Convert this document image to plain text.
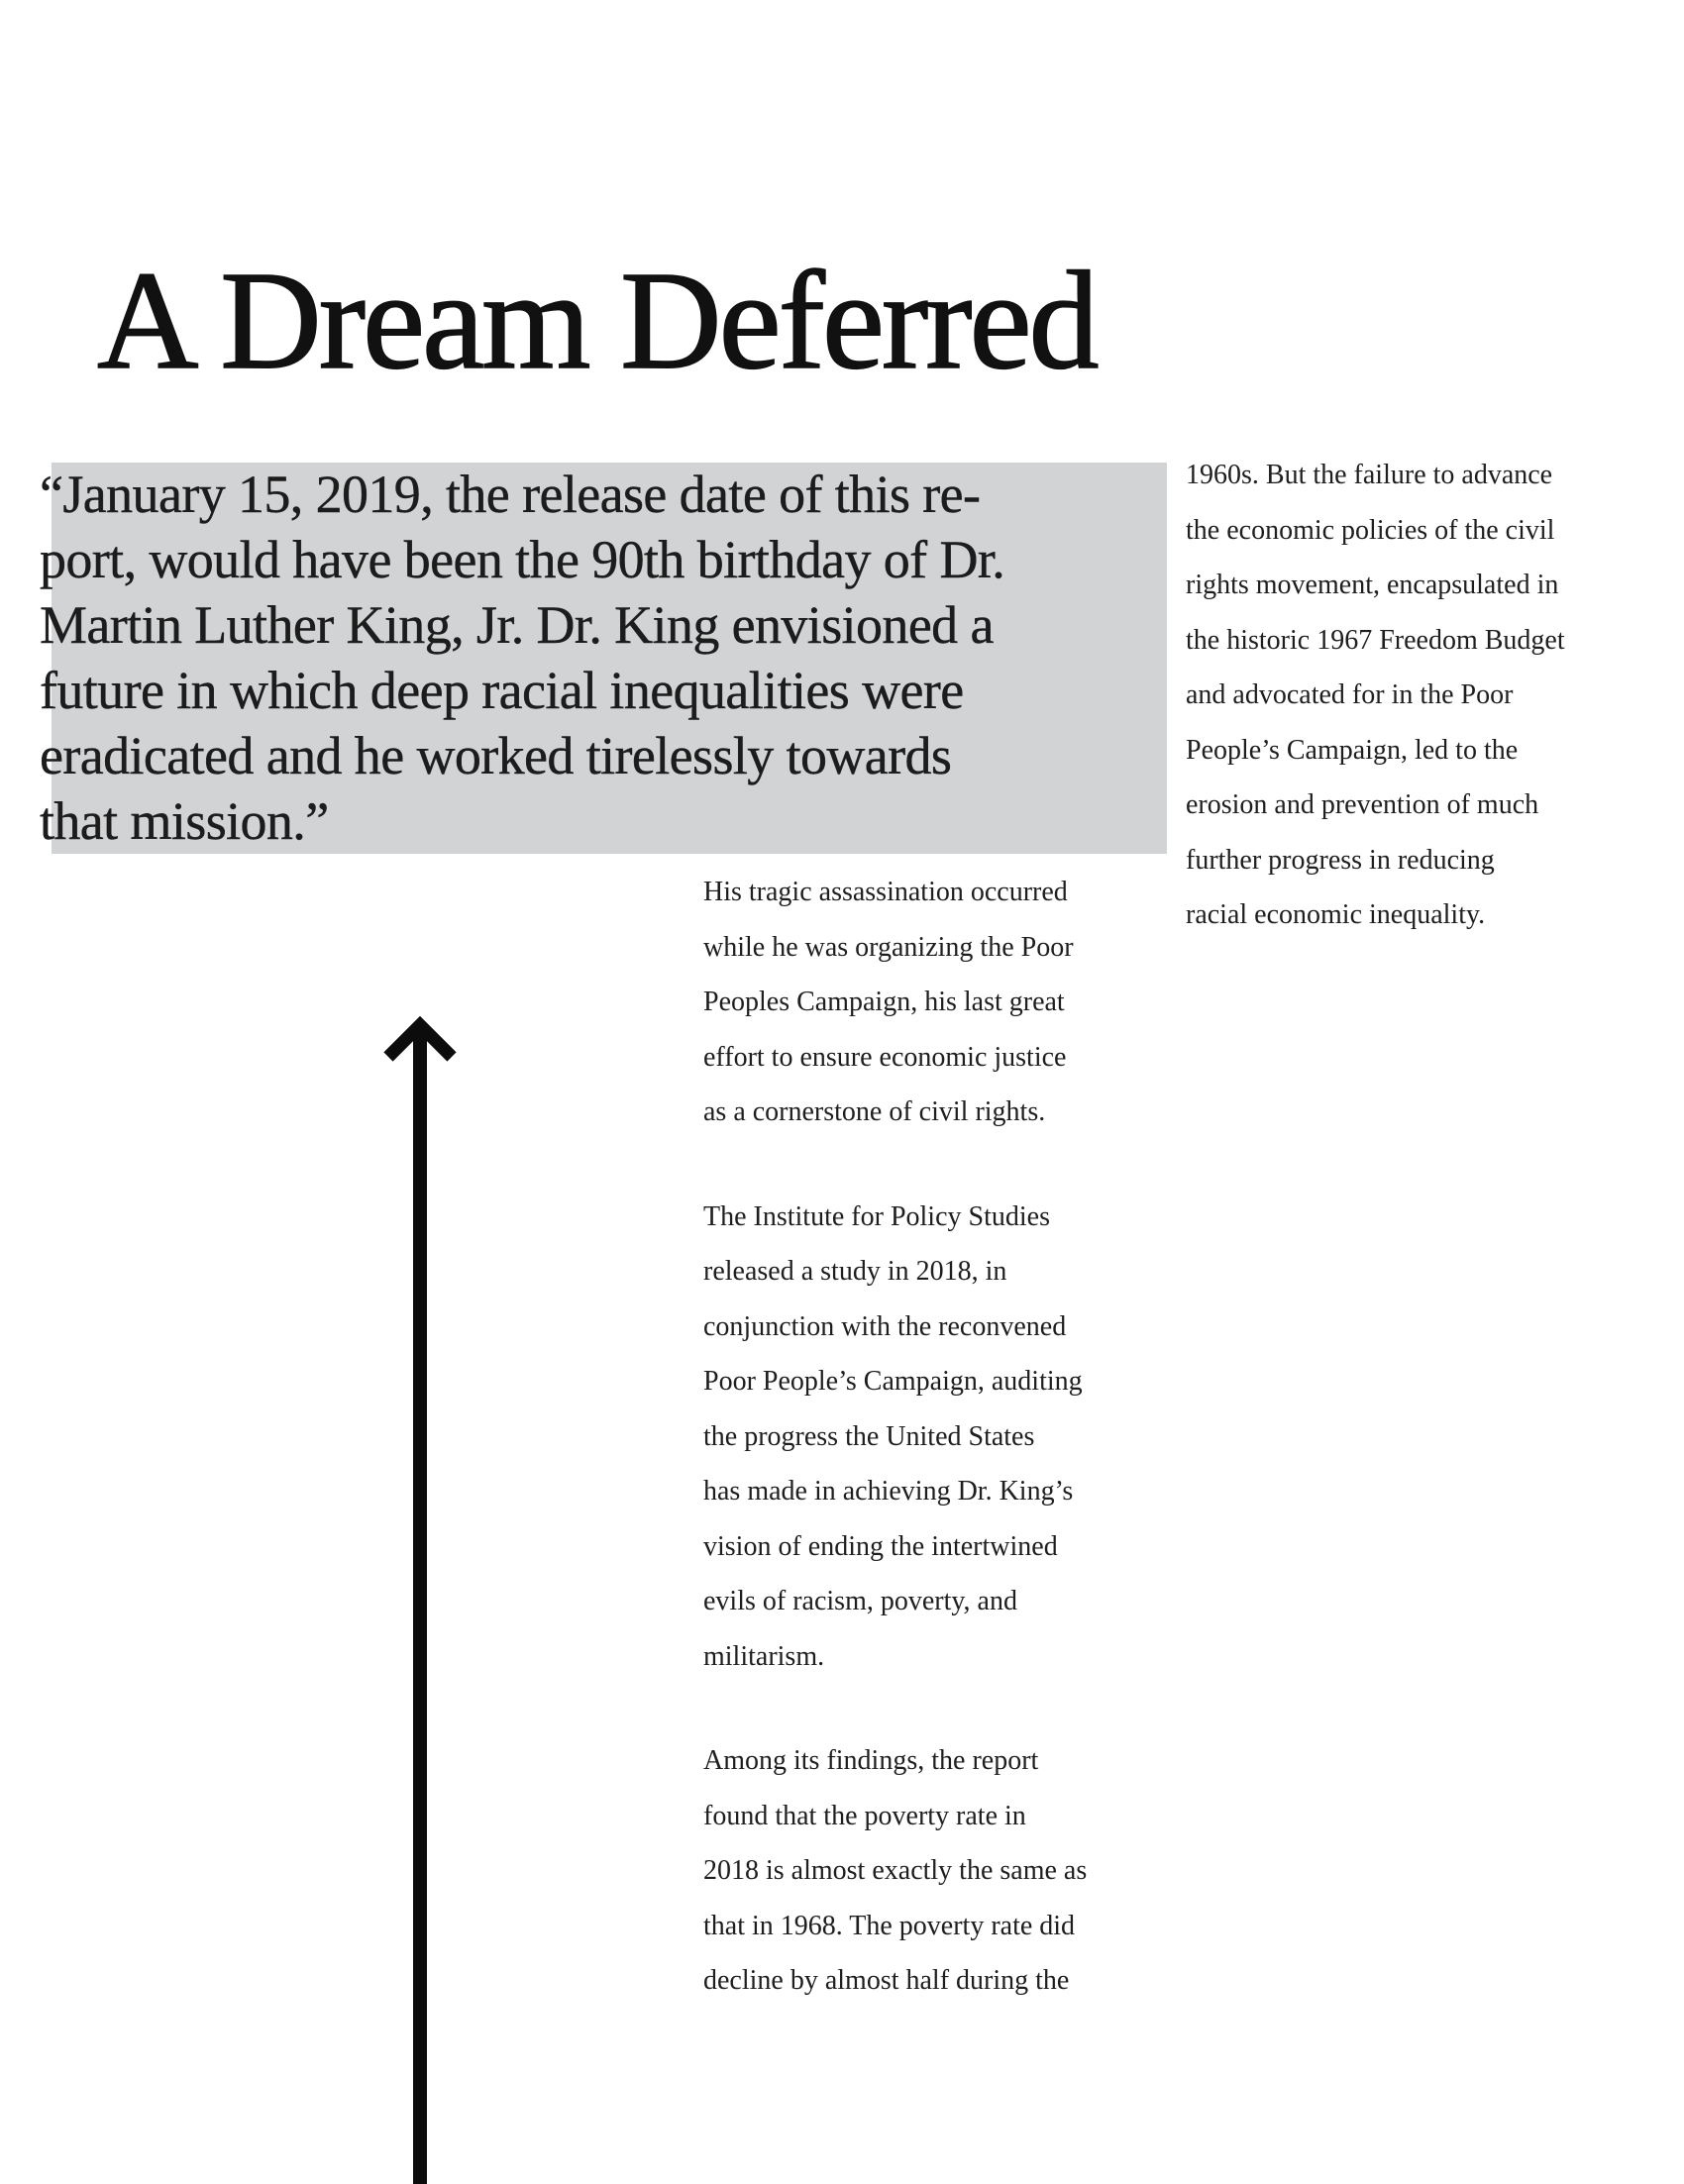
A Dream Deferred

“January 15, 2019, the release date of this re-
port, would have been the 90th birthday of Dr.
Martin Luther King, Jr. Dr. King envisioned a
future in which deep racial inequalities were
eradicated and he worked tirelessly towards
that mission.”

1960s. But the failure to advance
the economic policies of the civil
rights movement, encapsulated in
the historic 1967 Freedom Budget
and advocated for in the Poor
People’s Campaign, led to the
erosion and prevention of much
further progress in reducing
racial economic inequality.
His tragic assassination occurred
while he was organizing the Poor
Peoples Campaign, his last great
effort to ensure economic justice
as a cornerstone of civil rights.
The Institute for Policy Studies
released a study in 2018, in
conjunction with the reconvened
Poor People’s Campaign, auditing
the progress the United States
has made in achieving Dr. King’s
vision of ending the intertwined
evils of racism, poverty, and
militarism.
Among its findings, the report
found that the poverty rate in
2018 is almost exactly the same as
that in 1968. The poverty rate did
decline by almost half during the
